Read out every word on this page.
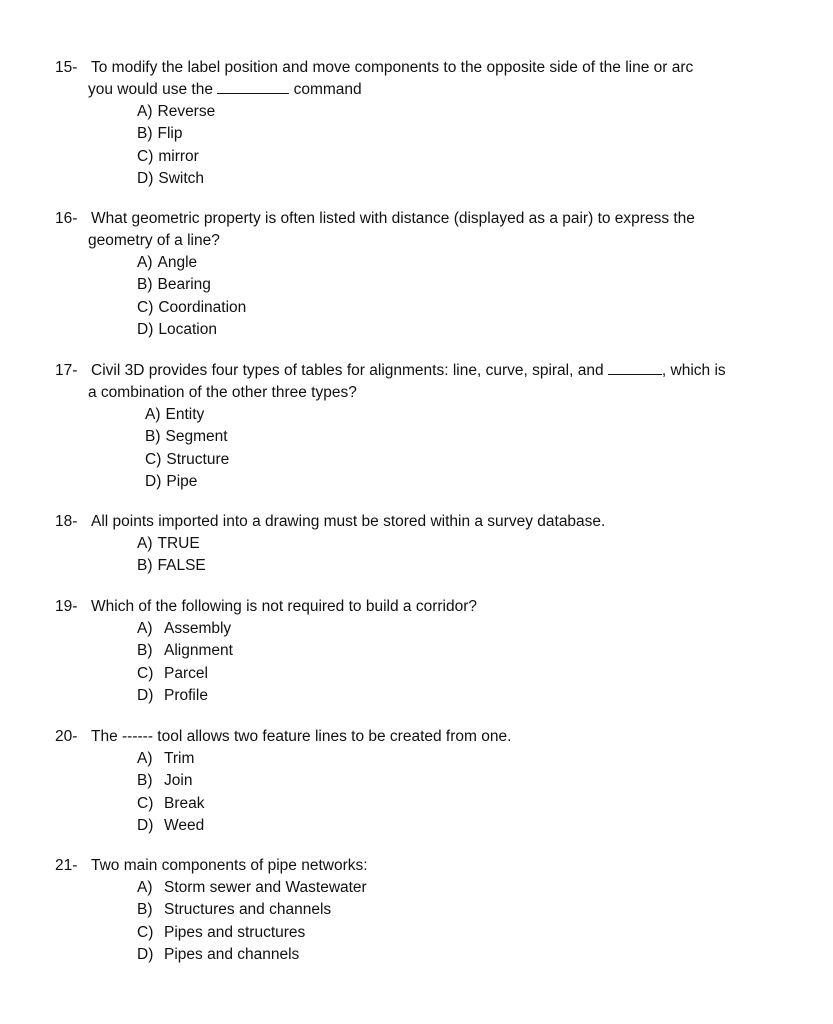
15- To modify the label position and move components to the opposite side of the line or arc
you would use the	command
A) Reverse
B) Flip
C) mirror
D) Switch
16- What geometric property is often listed with distance (displayed as a pair) to express the
geometry of a line?
A) Angle
B) Bearing
C) Coordination
D) Location
17- Civil 3D provides four types of tables for alignments: line, curve, spiral, and	, which is
a combination of the other three types?
A) Entity
B) Segment
C) Structure
D) Pipe
18- All points imported into a drawing must be stored within a survey database.
A) TRUE
B) FALSE
19- Which of the following is not required to build a corridor?
A) Assembly
B) Alignment
C) Parcel
D) Profile
20- The ------ tool allows two feature lines to be created from one.
A) Trim
B) Join
C) Break
D) Weed
21- Two main components of pipe networks:
A) Storm sewer and Wastewater
B) Structures and channels
C) Pipes and structures
D) Pipes and channels
